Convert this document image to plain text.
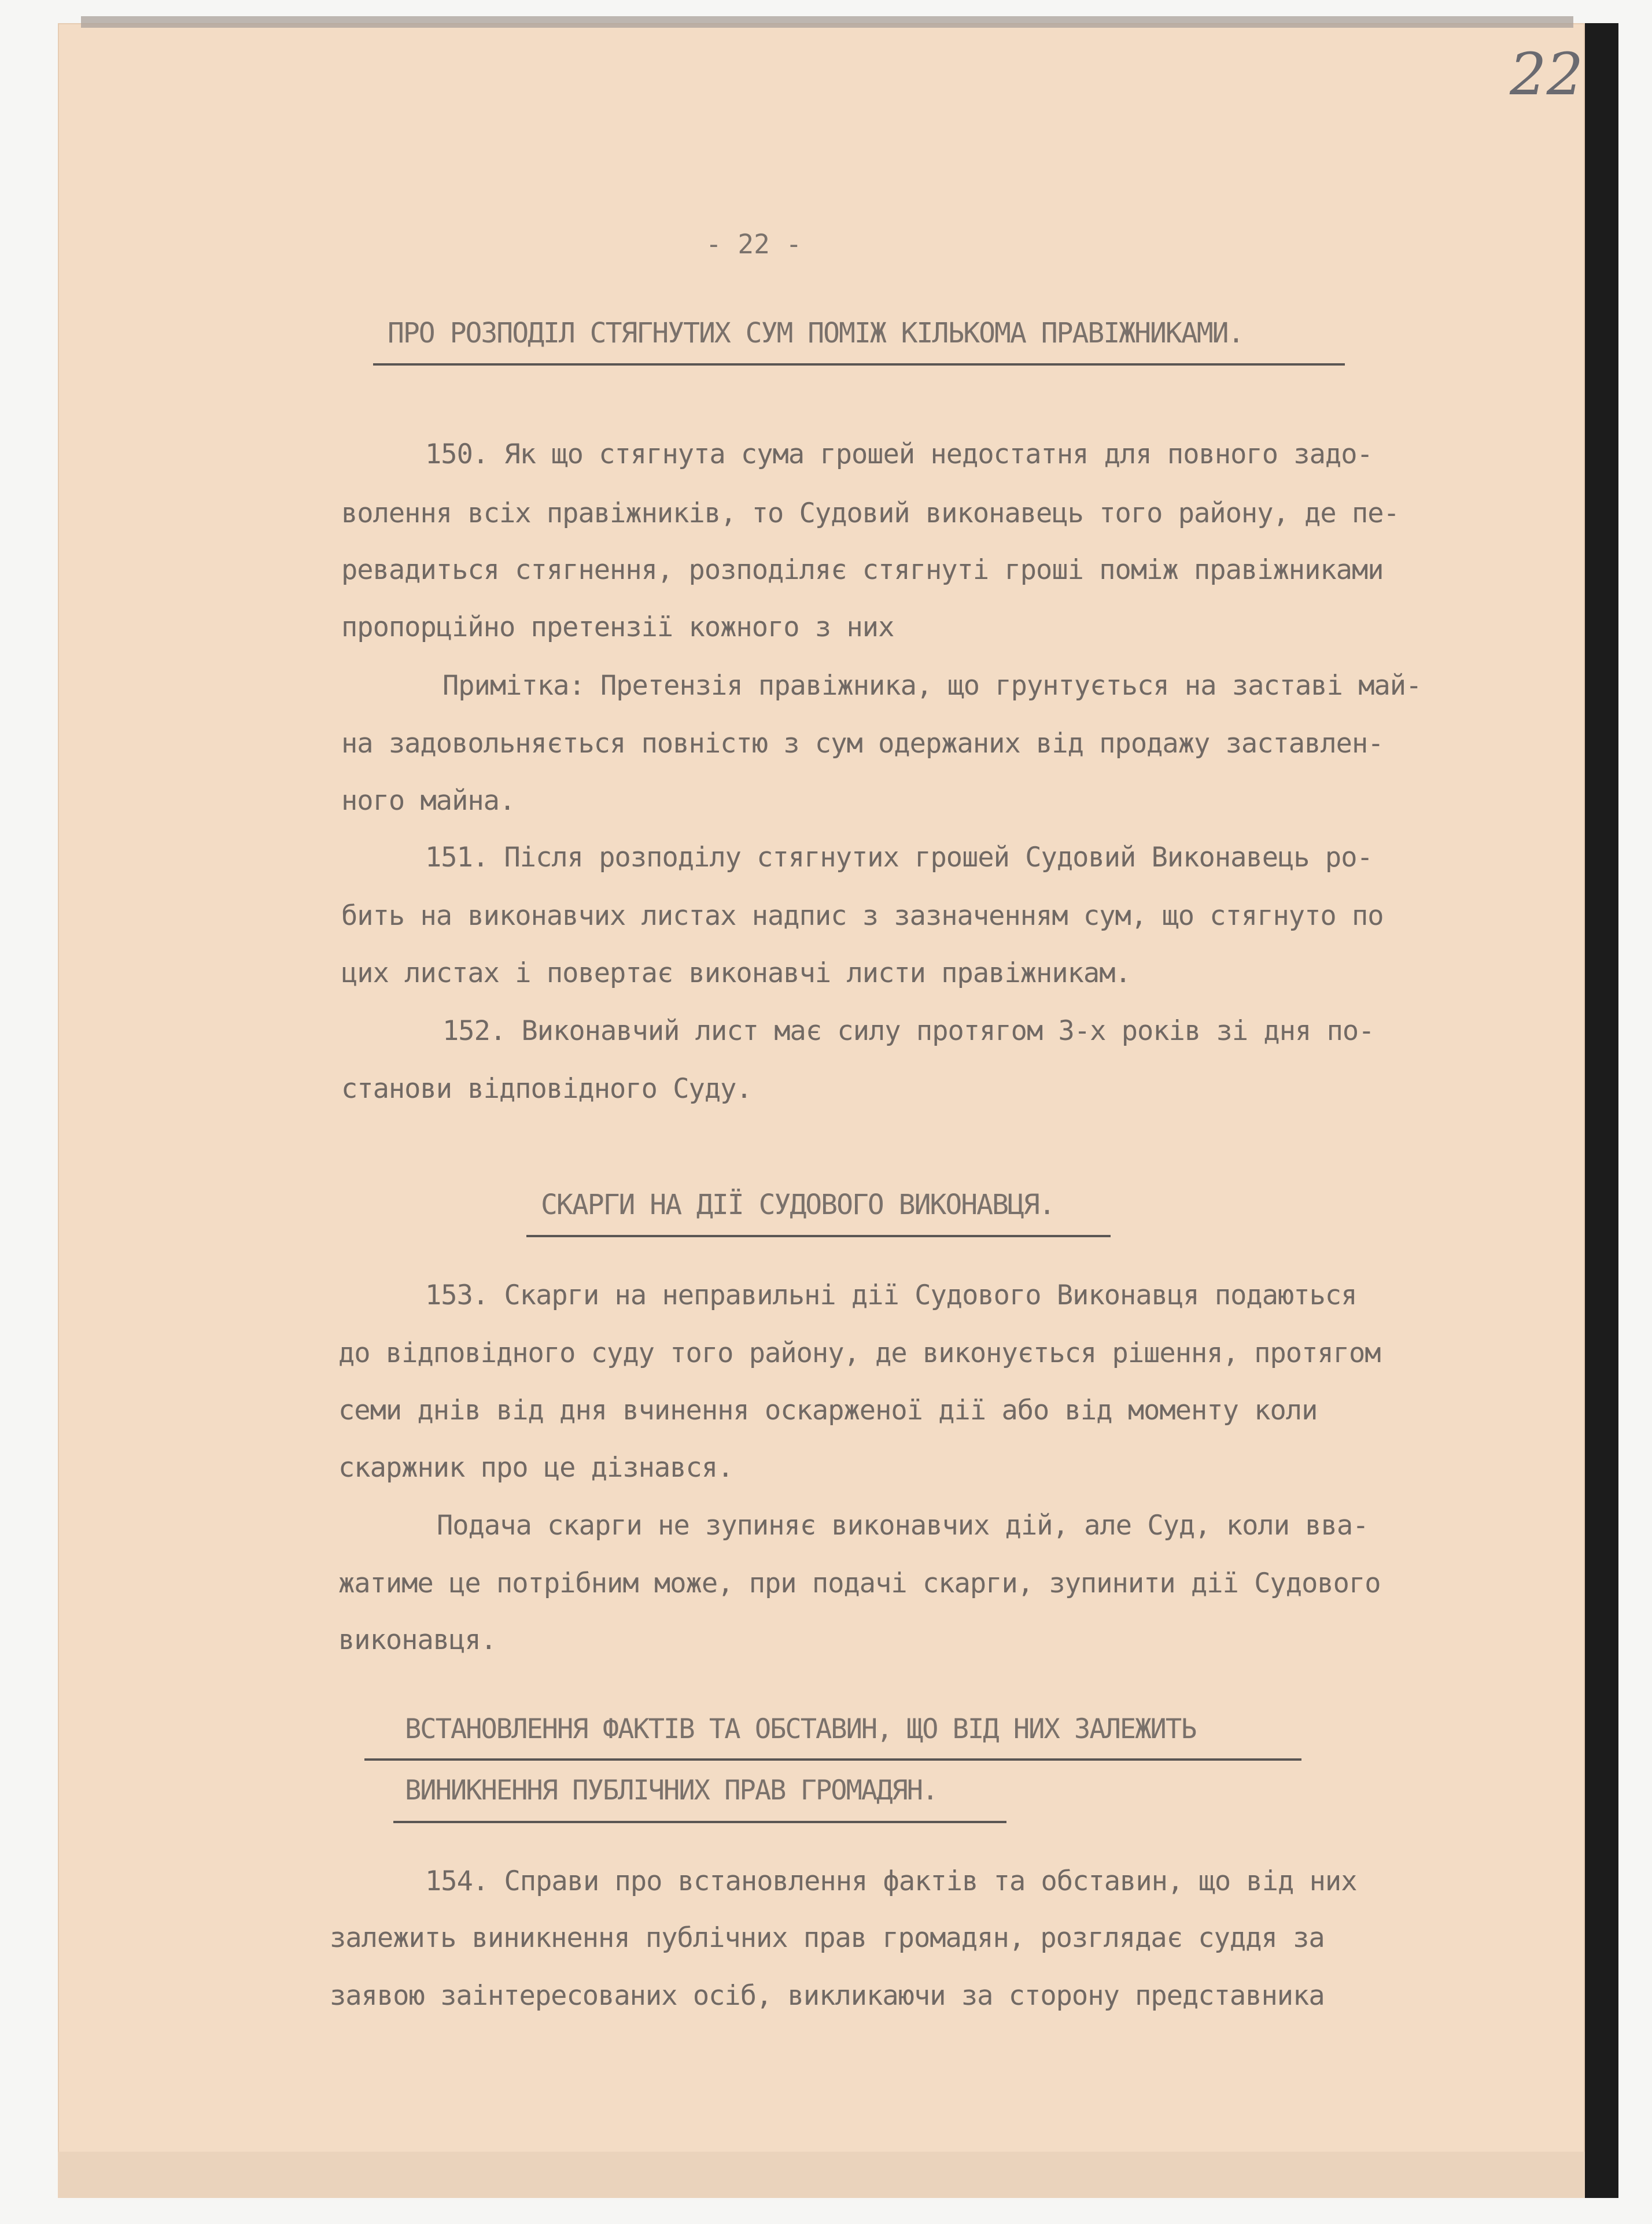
22
- 22 -
ПРО РОЗПОДІЛ СТЯГНУТИХ СУМ ПОМІЖ КІЛЬКОМА ПРАВІЖНИКАМИ.
150. Як що стягнута сума грошей недостатня для повного задо-
волення всіх правіжників, то Судовий виконавець того району, де пе-
ревадиться стягнення, розподіляє стягнуті гроші поміж правіжниками
пропорційно претензії кожного з них
Примітка: Претензія правіжника, що грунтується на заставі май-
на задовольняється повністю з сум одержаних від продажу заставлен-
ного майна.
151. Після розподілу стягнутих грошей Судовий Виконавець ро-
бить на виконавчих листах надпис з зазначенням сум, що стягнуто по
цих листах і повертає виконавчі листи правіжникам.
152. Виконавчий лист має силу протягом 3-х років зі дня по-
станови відповідного Суду.
СКАРГИ НА ДІЇ СУДОВОГО ВИКОНАВЦЯ.
153. Скарги на неправильні дії Судового Виконавця подаються
до відповідного суду того району, де виконується рішення, протягом
семи днів від дня вчинення оскарженої дії або від моменту коли
скаржник про це дізнався.
Подача скарги не зупиняє виконавчих дій, але Суд, коли вва-
жатиме це потрібним може, при подачі скарги, зупинити дії Судового
виконавця.
ВСТАНОВЛЕННЯ ФАКТІВ ТА ОБСТАВИН, ЩО ВІД НИХ ЗАЛЕЖИТЬ
ВИНИКНЕННЯ ПУБЛІЧНИХ ПРАВ ГРОМАДЯН.
154. Справи про встановлення фактів та обставин, що від них
залежить виникнення публічних прав громадян, розглядає суддя за
заявою заінтересованих осіб, викликаючи за сторону представника
